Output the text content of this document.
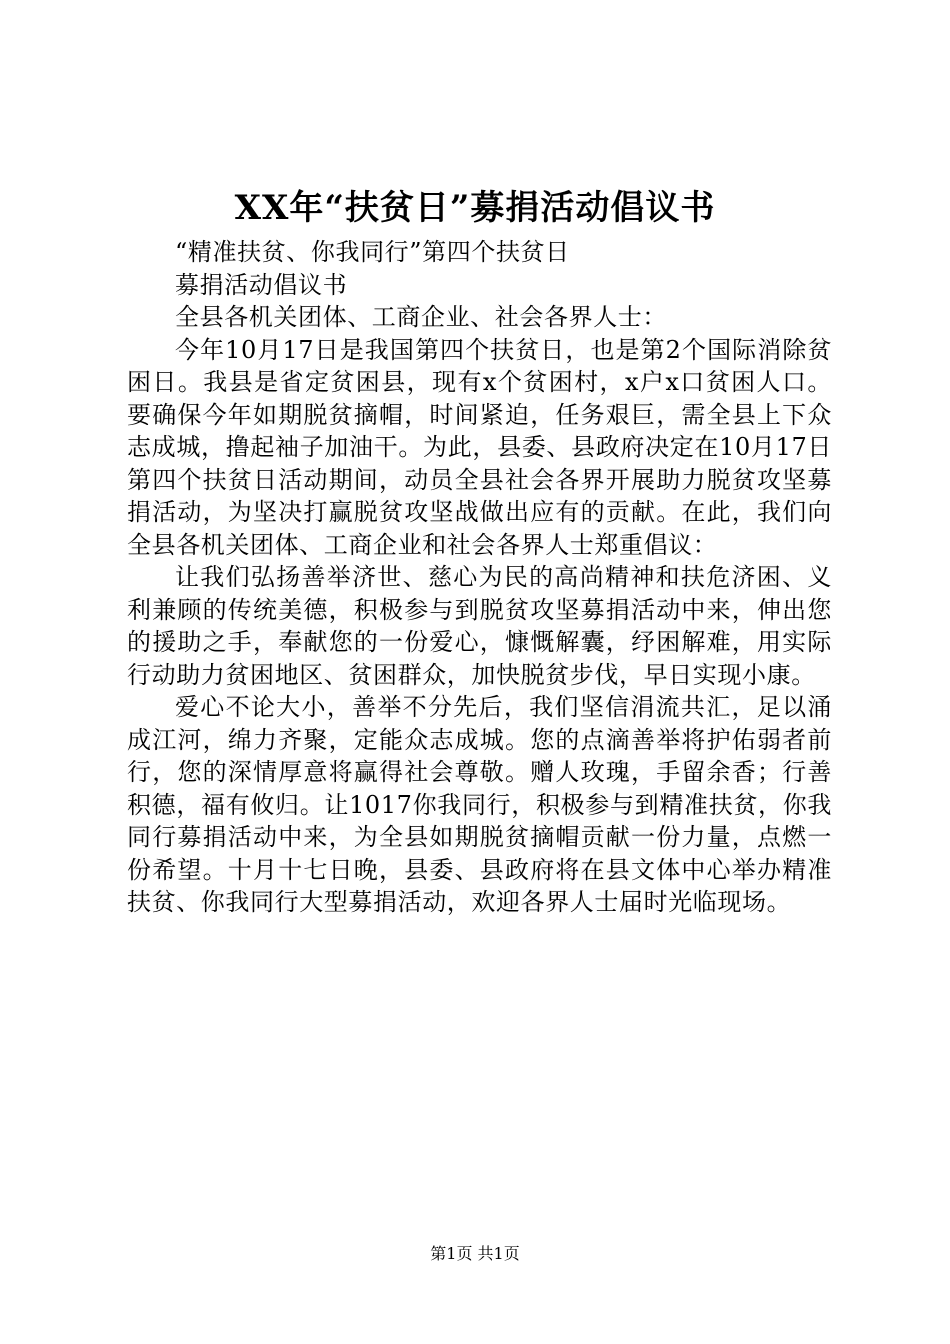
XX年“扶贫日”募捐活动倡议书

“精准扶贫、你我同行”第四个扶贫日

募捐活动倡议书

全县各机关团体、工商企业、社会各界人士：

今年10月17日是我国第四个扶贫日，也是第2个国际消除贫困日。我县是省定贫困县，现有x个贫困村，x户x口贫困人口。要确保今年如期脱贫摘帽，时间紧迫，任务艰巨，需全县上下众志成城，撸起袖子加油干。为此，县委、县政府决定在10月17日第四个扶贫日活动期间，动员全县社会各界开展助力脱贫攻坚募捐活动，为坚决打赢脱贫攻坚战做出应有的贡献。在此，我们向全县各机关团体、工商企业和社会各界人士郑重倡议：

让我们弘扬善举济世、慈心为民的高尚精神和扶危济困、义利兼顾的传统美德，积极参与到脱贫攻坚募捐活动中来，伸出您的援助之手，奉献您的一份爱心，慷慨解囊，纾困解难，用实际行动助力贫困地区、贫困群众，加快脱贫步伐，早日实现小康。

爱心不论大小，善举不分先后，我们坚信涓流共汇，足以涌成江河，绵力齐聚，定能众志成城。您的点滴善举将护佑弱者前行，您的深情厚意将赢得社会尊敬。赠人玫瑰，手留余香；行善积德，福有攸归。让1017你我同行，积极参与到精准扶贫，你我同行募捐活动中来，为全县如期脱贫摘帽贡献一份力量，点燃一份希望。十月十七日晚，县委、县政府将在县文体中心举办精准扶贫、你我同行大型募捐活动，欢迎各界人士届时光临现场。

第1页 共1页
